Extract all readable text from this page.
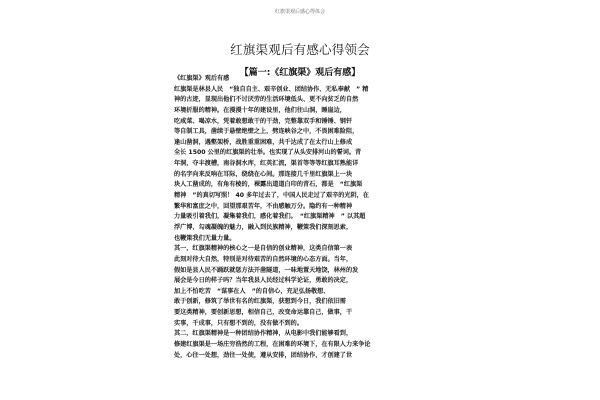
红旗渠观后感心得体会
红旗渠观后有感心得领会
【篇一:《红旗渠》观后有感】
《红旗渠》观后有感
红旗渠是林县人民　“独自自主、艰辛创业、团结协作、无私奉献　” 精
神的古迹，显现出他们不讨厌劳的生活环境低头、更不向贫乏的自然
环境折服的精神。在漫漫十年的建设里，他们往山洞，睡崖边，
吃咸菜、喝凉水，凭着敢想敢干的干劲，完整靠双手和锤锤、钢钎
等自制工具，凿续于悬壁绝壁之上，劈连峡谷之中，不畏困难险阻，
逢山凿洞，遇壑架桥，战胜重重困难，共千达成了在太行山上修成
全长 1500 公里的红旗渠的壮举。也实现了从头安排河山的誓词。青
年洞，夺丰渡槽，南谷洞水库，红英汇流，渠首等等等红旗耳熟能详
的名字向来反响在耳际，绕绕在心间。那连接几千里红旗渠上一块
块人工凿成的，有角有棱的，裸露出道道白印的青石，都是　“红旗渠
精神　”的真切写照！ 40 多年过去了，中国人民走过了艰辛的光阴，在
繁华和富庶之中，回望那艰苦年，不由感触万分。隐约有一种精神
力量吸引着我们，凝集着我们，感化着我们。　“红旗渠精神　” 以其超
浮广博，勾魂凝魄的魅力，融入到民族精神，鞭策我们深刻思索，
也鞭策我们无量力量。
其一，红旗渠精神的核心之一是自信的创业精神，这类自信第一表
此刻对待大自然，特别是对待艰苦的自然环境的心态方面。当年，
假如是县人民不踊跃就惩方法开凿隧道，一味地置天地饶，林州的发
展会是今日的样子吗？当年我县人民经过科学论证，勇敢的决定，
加上不怕吃苦　“谋事在人　”的自信心，充足弘扬敬想、
敢于创新，修筑了举世有名的红旗渠，获想到今日，我们依旧需
要这类精神，要创新思想，相信自己，改变命运靠自己，做事，干
实事，千成事，只有想不到的，没有做不到的。
其二，红旗渠精神是一种团结协作精神，从电影中我们能够看到，
修建红旗渠是一场庄穷浩然的工程，在困难的环境下，在有限人力来争论
处，心往一处想，劲往一处使，遵从安排，团结协作，才创建了世
